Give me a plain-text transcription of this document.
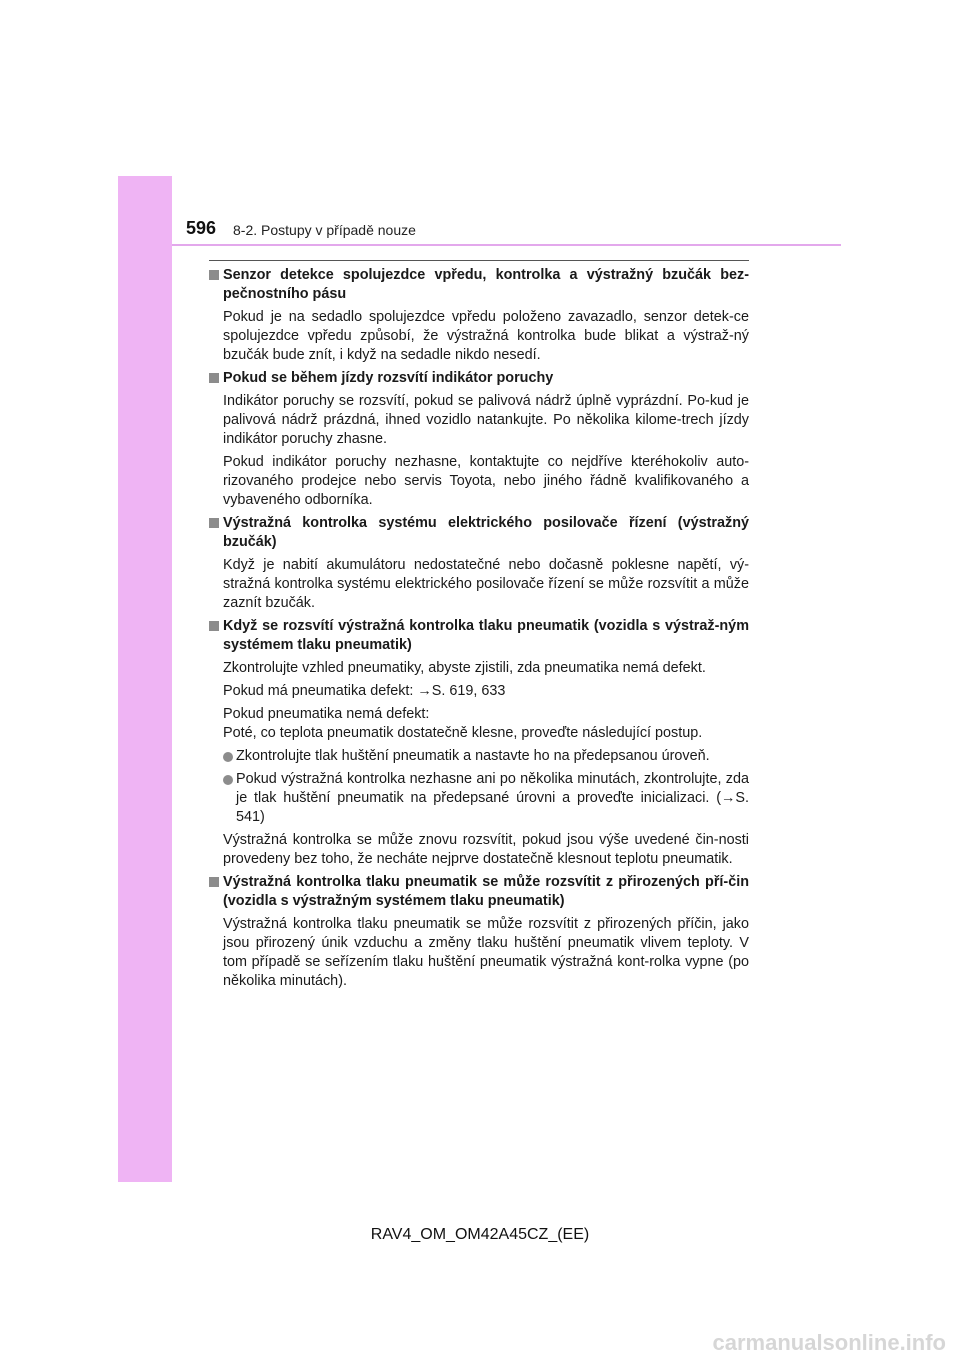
596 8-2. Postupy v případě nouze
Senzor detekce spolujezdce vpředu, kontrolka a výstražný bzučák bez-pečnostního pásu
Pokud je na sedadlo spolujezdce vpředu položeno zavazadlo, senzor detek-ce spolujezdce vpředu způsobí, že výstražná kontrolka bude blikat a výstraž-ný bzučák bude znít, i když na sedadle nikdo nesedí.
Pokud se během jízdy rozsvítí indikátor poruchy
Indikátor poruchy se rozsvítí, pokud se palivová nádrž úplně vyprázdní. Po-kud je palivová nádrž prázdná, ihned vozidlo natankujte. Po několika kilome-trech jízdy indikátor poruchy zhasne.
Pokud indikátor poruchy nezhasne, kontaktujte co nejdříve kteréhokoliv auto-rizovaného prodejce nebo servis Toyota, nebo jiného řádně kvalifikovaného a vybaveného odborníka.
Výstražná kontrolka systému elektrického posilovače řízení (výstražný bzučák)
Když je nabití akumulátoru nedostatečné nebo dočasně poklesne napětí, vý-stražná kontrolka systému elektrického posilovače řízení se může rozsvítit a může zaznít bzučák.
Když se rozsvítí výstražná kontrolka tlaku pneumatik (vozidla s výstraž-ným systémem tlaku pneumatik)
Zkontrolujte vzhled pneumatiky, abyste zjistili, zda pneumatika nemá defekt.
Pokud má pneumatika defekt: →S. 619, 633
Pokud pneumatika nemá defekt:
Poté, co teplota pneumatik dostatečně klesne, proveďte následující postup.
Zkontrolujte tlak huštění pneumatik a nastavte ho na předepsanou úroveň.
Pokud výstražná kontrolka nezhasne ani po několika minutách, zkontrolujte, zda je tlak huštění pneumatik na předepsané úrovni a proveďte inicializaci. (→S. 541)
Výstražná kontrolka se může znovu rozsvítit, pokud jsou výše uvedené čin-nosti provedeny bez toho, že necháte nejprve dostatečně klesnout teplotu pneumatik.
Výstražná kontrolka tlaku pneumatik se může rozsvítit z přirozených pří-čin (vozidla s výstražným systémem tlaku pneumatik)
Výstražná kontrolka tlaku pneumatik se může rozsvítit z přirozených příčin, jako jsou přirozený únik vzduchu a změny tlaku huštění pneumatik vlivem teploty. V tom případě se seřízením tlaku huštění pneumatik výstražná kont-rolka vypne (po několika minutách).
RAV4_OM_OM42A45CZ_(EE)
carmanualsonline.info
